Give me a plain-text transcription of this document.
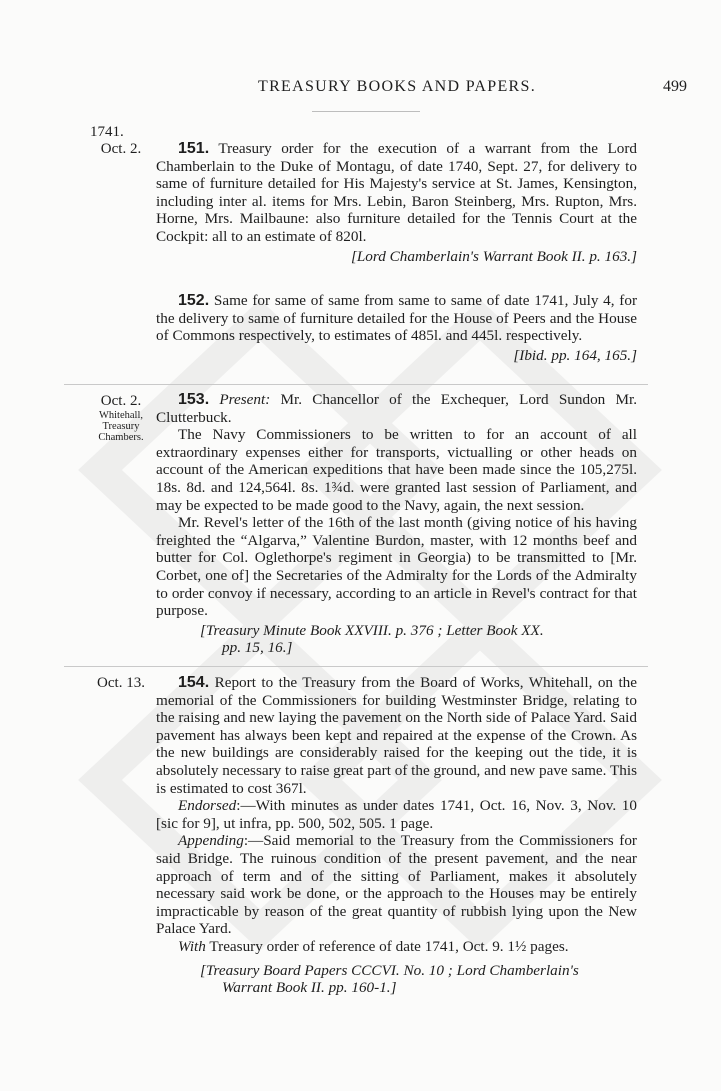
TREASURY BOOKS AND PAPERS.	499
1741.
Oct. 2.	151. Treasury order for the execution of a warrant from the Lord Chamberlain to the Duke of Montagu, of date 1740, Sept. 27, for delivery to same of furniture detailed for His Majesty's service at St. James, Kensington, including inter al. items for Mrs. Lebin, Baron Steinberg, Mrs. Rupton, Mrs. Horne, Mrs. Mailbaune: also furniture detailed for the Tennis Court at the Cockpit: all to an estimate of 820l.

[Lord Chamberlain's Warrant Book II. p. 163.]

152. Same for same of same from same to same of date 1741, July 4, for the delivery to same of furniture detailed for the House of Peers and the House of Commons respectively, to estimates of 485l. and 445l. respectively.

[Ibid. pp. 164, 165.]
Oct. 2.
Whitehall,
Treasury
Chambers.

153. Present: Mr. Chancellor of the Exchequer, Lord Sundon Mr. Clutterbuck.

The Navy Commissioners to be written to for an account of all extraordinary expenses either for transports, victualling or other heads on account of the American expeditions that have been made since the 105,275l. 18s. 8d. and 124,564l. 8s. 1¾d. were granted last session of Parliament, and may be expected to be made good to the Navy, again, the next session.

Mr. Revel's letter of the 16th of the last month (giving notice of his having freighted the “Algarva,” Valentine Burdon, master, with 12 months beef and butter for Col. Oglethorpe's regiment in Georgia) to be transmitted to [Mr. Corbet, one of] the Secretaries of the Admiralty for the Lords of the Admiralty to order convoy if necessary, according to an article in Revel's contract for that purpose.

[Treasury Minute Book XXVIII. p. 376 ; Letter Book XX.
pp. 15, 16.]
Oct. 13.	154. Report to the Treasury from the Board of Works, Whitehall, on the memorial of the Commissioners for building Westminster Bridge, relating to the raising and new laying the pavement on the North side of Palace Yard. Said pavement has always been kept and repaired at the expense of the Crown. As the new buildings are considerably raised for the keeping out the tide, it is absolutely necessary to raise great part of the ground, and new pave same. This is estimated to cost 367l.

Endorsed:—With minutes as under dates 1741, Oct. 16, Nov. 3, Nov. 10 [sic for 9], ut infra, pp. 500, 502, 505. 1 page.

Appending:—Said memorial to the Treasury from the Commissioners for said Bridge. The ruinous condition of the present pavement, and the near approach of term and of the sitting of Parliament, makes it absolutely necessary said work be done, or the approach to the Houses may be entirely impracticable by reason of the great quantity of rubbish lying upon the New Palace Yard.

With Treasury order of reference of date 1741, Oct. 9. 1½ pages.

[Treasury Board Papers CCCVI. No. 10 ; Lord Chamberlain's
Warrant Book II. pp. 160-1.]
